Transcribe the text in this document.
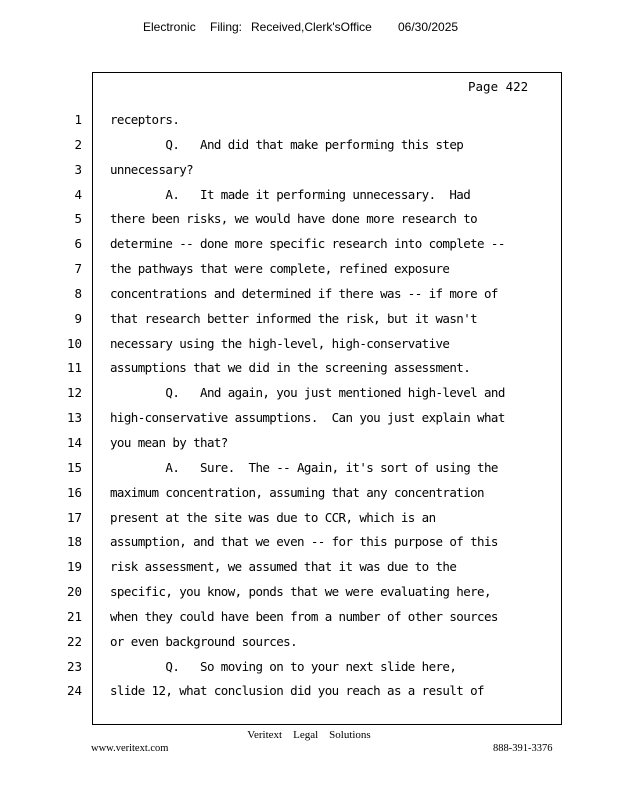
Electronic Filing: Received,Clerk'sOffice 06/30/2025
Page 422
1
2
3
4
5
6
7
8
9
10
11
12
13
14
15
16
17
18
19
20
21
22
23
24
receptors.
Q.   And did that make performing this step
unnecessary?
A.   It made it performing unnecessary.  Had
there been risks, we would have done more research to
determine -- done more specific research into complete --
the pathways that were complete, refined exposure
concentrations and determined if there was -- if more of
that research better informed the risk, but it wasn't
necessary using the high-level, high-conservative
assumptions that we did in the screening assessment.
Q.   And again, you just mentioned high-level and
high-conservative assumptions.  Can you just explain what
you mean by that?
A.   Sure.  The -- Again, it's sort of using the
maximum concentration, assuming that any concentration
present at the site was due to CCR, which is an
assumption, and that we even -- for this purpose of this
risk assessment, we assumed that it was due to the
specific, you know, ponds that we were evaluating here,
when they could have been from a number of other sources
or even background sources.
Q.   So moving on to your next slide here,
slide 12, what conclusion did you reach as a result of
Veritext    Legal    Solutions
www.veritext.com	888-391-3376
